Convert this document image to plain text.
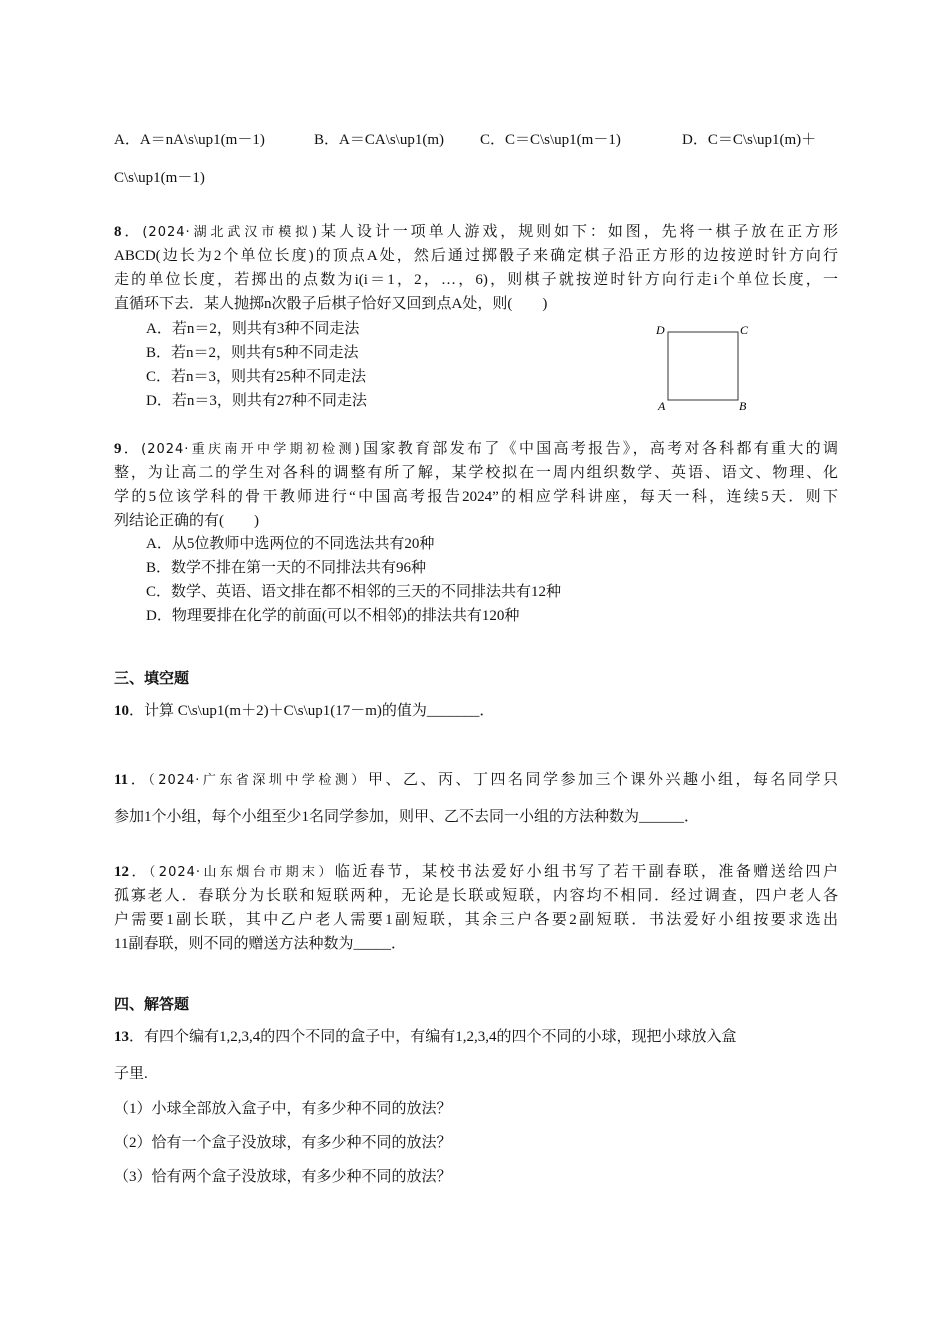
A．A＝nA\s\up1(m－1)	B．A＝CA\s\up1(m) C．C＝C\s\up1(m－1)	D．C＝C\s\up1(m)＋
C\s\up1(m－1)
8．(2024·湖北武汉市模拟)某人设计一项单人游戏，规则如下：如图，先将一棋子放在正方形
ABCD(边长为2个单位长度)的顶点A处，然后通过掷骰子来确定棋子沿正方形的边按逆时针方向行
走的单位长度，若掷出的点数为i(i＝1，2，…，6)，则棋子就按逆时针方向行走i个单位长度，一
直循环下去．某人抛掷n次骰子后棋子恰好又回到点A处，则(　　)
A．若n＝2，则共有3种不同走法
B．若n＝2，则共有5种不同走法
C．若n＝3，则共有25种不同走法
D．若n＝3，则共有27种不同走法
9．(2024·重庆南开中学期初检测)国家教育部发布了《中国高考报告》，高考对各科都有重大的调
整，为让高二的学生对各科的调整有所了解，某学校拟在一周内组织数学、英语、语文、物理、化
学的5位该学科的骨干教师进行“中国高考报告2024”的相应学科讲座，每天一科，连续5天．则下
列结论正确的有(　　)
A．从5位教师中选两位的不同选法共有20种
B．数学不排在第一天的不同排法共有96种
C．数学、英语、语文排在都不相邻的三天的不同排法共有12种
D．物理要排在化学的前面(可以不相邻)的排法共有120种
三、填空题
10．计算 C\s\up1(m＋2)＋C\s\up1(17－m)的值为_______．
11．（2024·广东省深圳中学检测）甲、乙、丙、丁四名同学参加三个课外兴趣小组，每名同学只
参加1个小组，每个小组至少1名同学参加，则甲、乙不去同一小组的方法种数为______．
12．（2024·山东烟台市期末）临近春节，某校书法爱好小组书写了若干副春联，准备赠送给四户
孤寡老人．春联分为长联和短联两种，无论是长联或短联，内容均不相同．经过调查，四户老人各
户需要1副长联，其中乙户老人需要1副短联，其余三户各要2副短联．书法爱好小组按要求选出
11副春联，则不同的赠送方法种数为_____．
四、解答题
13．有四个编有1,2,3,4的四个不同的盒子中，有编有1,2,3,4的四个不同的小球，现把小球放入盒
子里.
（1）小球全部放入盒子中，有多少种不同的放法？
（2）恰有一个盒子没放球，有多少种不同的放法？
（3）恰有两个盒子没放球，有多少种不同的放法？
D	C
A	B
